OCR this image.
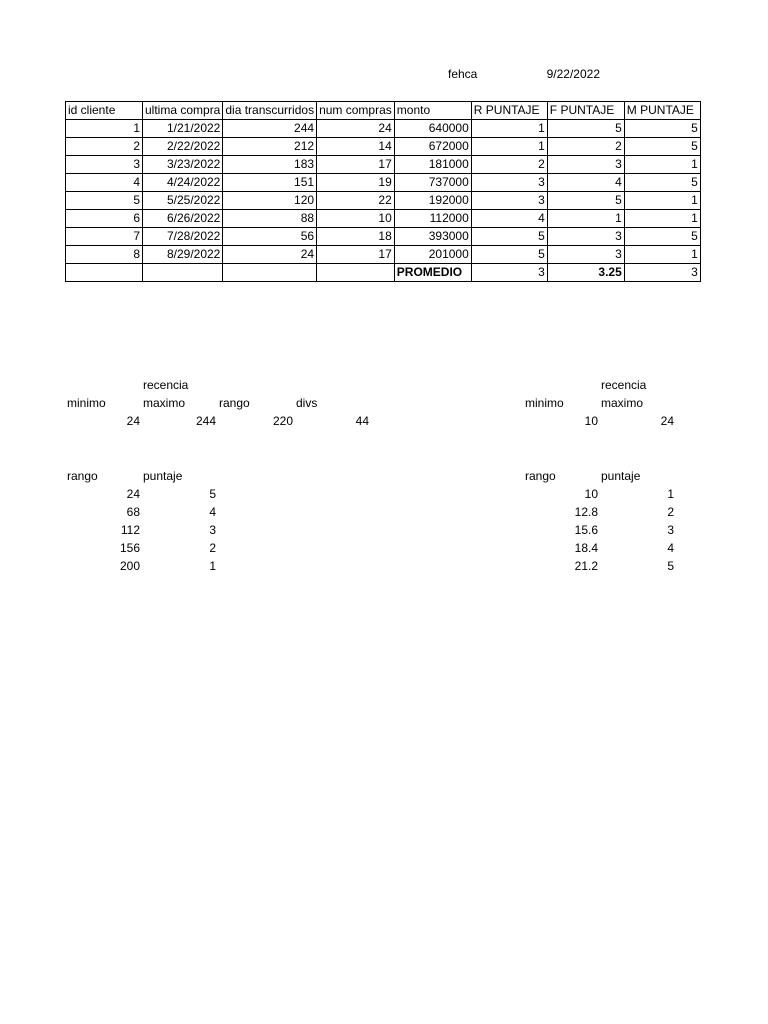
fehca	9/22/2022
id cliente	ultima compra	dia transcurridos	num compras	monto	R PUNTAJE	F PUNTAJE	M PUNTAJE
1	1/21/2022	244	24	640000	1	5	5
2	2/22/2022	212	14	672000	1	2	5
3	3/23/2022	183	17	181000	2	3	1
4	4/24/2022	151	19	737000	3	4	5
5	5/25/2022	120	22	192000	3	5	1
6	6/26/2022	88	10	112000	4	1	1
7	7/28/2022	56	18	393000	5	3	5
8	8/29/2022	24	17	201000	5	3	1
				PROMEDIO	3	3.25	3
recencia
minimo	maximo	rango	divs
24	244	220	44
rango	puntaje
24	5
68	4
112	3
156	2
200	1
recencia
minimo	maximo
10	24
rango	puntaje
10	1
12.8	2
15.6	3
18.4	4
21.2	5
